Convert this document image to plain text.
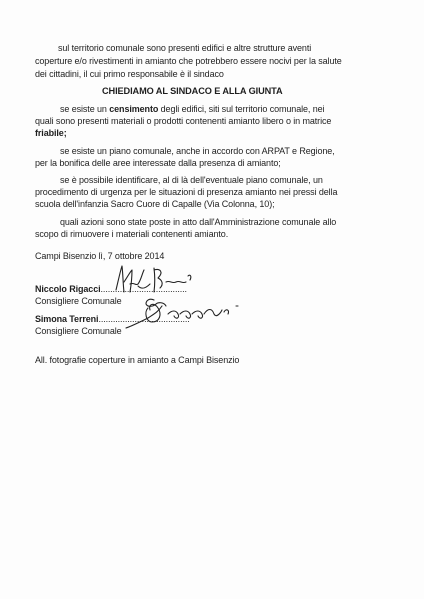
sul territorio comunale sono presenti edifici e altre strutture aventi
coperture e/o rivestimenti in amianto che potrebbero essere nocivi per la salute
dei cittadini, il cui primo responsabile è il sindaco
CHIEDIAMO AL SINDACO E ALLA GIUNTA
se esiste un censimento degli edifici, siti sul territorio comunale, nei
quali sono presenti materiali o prodotti contenenti amianto libero o in matrice
friabile;
se esiste un piano comunale, anche in accordo con ARPAT e Regione,
per la bonifica delle aree interessate dalla presenza di amianto;
se è possibile identificare, al di là dell'eventuale piano comunale, un
procedimento di urgenza per le situazioni di presenza amianto nei pressi della
scuola dell'infanzia Sacro Cuore di Capalle (Via Colonna, 10);
quali azioni sono state poste in atto dall'Amministrazione comunale allo
scopo di rimuovere i materiali contenenti amianto.
Campi Bisenzio lì, 7 ottobre 2014
Niccolo Rigacci....................................
Consigliere Comunale
Simona Terreni......................................
Consigliere Comunale
All. fotografie coperture in amianto a Campi Bisenzio
